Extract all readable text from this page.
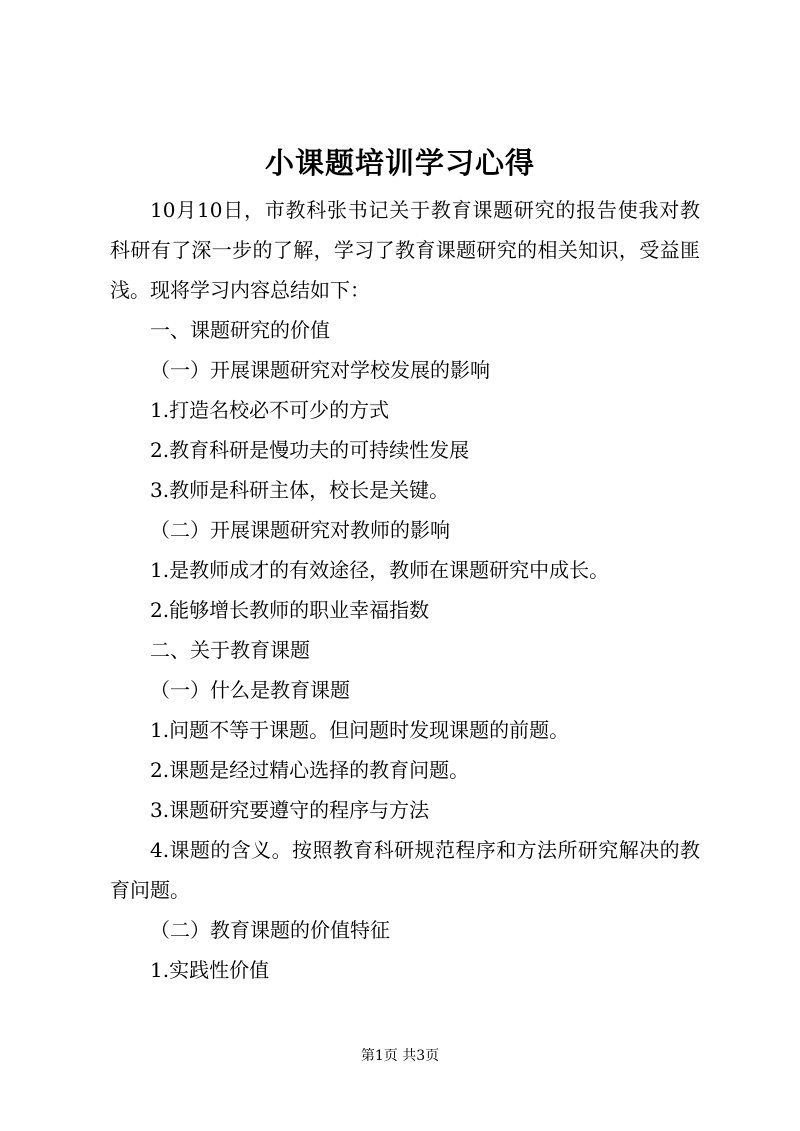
小课题培训学习心得

10月10日，市教科张书记关于教育课题研究的报告使我对教科研有了深一步的了解，学习了教育课题研究的相关知识，受益匪浅。现将学习内容总结如下：

一、课题研究的价值

（一）开展课题研究对学校发展的影响

1.打造名校必不可少的方式

2.教育科研是慢功夫的可持续性发展

3.教师是科研主体，校长是关键。

（二）开展课题研究对教师的影响

1.是教师成才的有效途径，教师在课题研究中成长。

2.能够增长教师的职业幸福指数

二、关于教育课题

（一）什么是教育课题

1.问题不等于课题。但问题时发现课题的前题。

2.课题是经过精心选择的教育问题。

3.课题研究要遵守的程序与方法

4.课题的含义。按照教育科研规范程序和方法所研究解决的教育问题。

（二）教育课题的价值特征

1.实践性价值

第1页 共3页
